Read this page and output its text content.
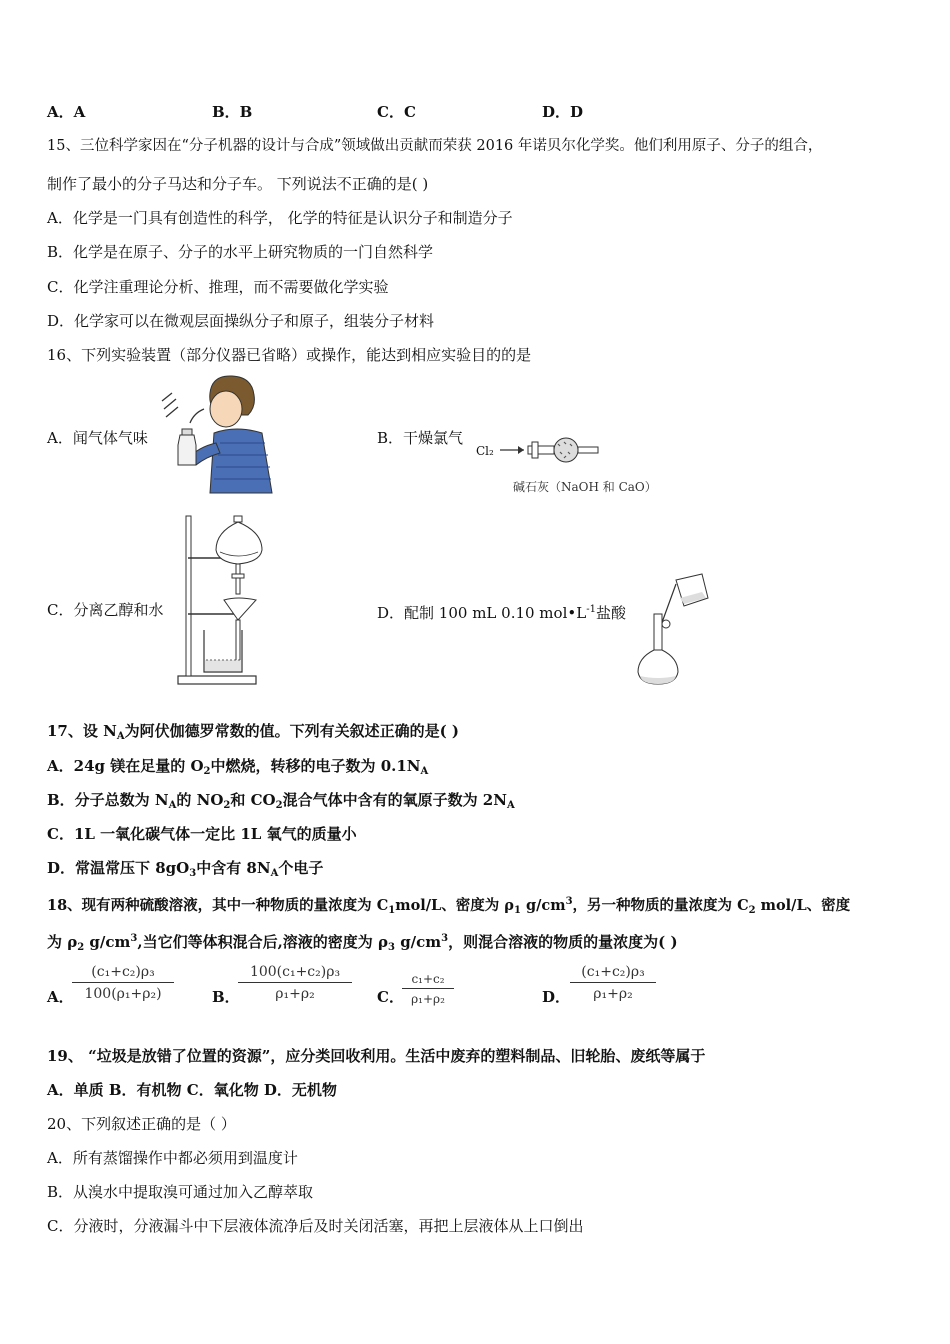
A．A	B．B	C．C	D．D
15、三位科学家因在“分子机器的设计与合成”领域做出贡献而荣获 2016 年诺贝尔化学奖。他们利用原子、分子的组合，
制作了最小的分子马达和分子车。 下列说法不正确的是( )
A．化学是一门具有创造性的科学， 化学的特征是认识分子和制造分子
B．化学是在原子、分子的水平上研究物质的一门自然科学
C．化学注重理论分析、推理，而不需要做化学实验
D．化学家可以在微观层面操纵分子和原子，组装分子材料
16、下列实验装置（部分仪器已省略）或操作，能达到相应实验目的的是
A．闻气体气味	B．干燥氯气
Cl₂
碱石灰（NaOH 和 CaO）
C．分离乙醇和水	D．配制 100 mL 0.10 $mol•L^{-1}$盐酸
17、设 $N_A$为阿伏伽德罗常数的值。下列有关叙述正确的是( )
A．24g 镁在足量的 $O_2$中燃烧，转移的电子数为 $0.1N_A$
B．分子总数为 $N_A$的 $NO_2$和 $CO_2$混合气体中含有的氧原子数为 $2N_A$
C．1L 一氧化碳气体一定比 1L 氧气的质量小
D．常温常压下 $8gO_3$中含有 $8N_A$个电子
18、现有两种硫酸溶液，其中一种物质的量浓度为 $C_1mol/L$、密度为 $\rho_1$ $g/cm^3$，另一种物质的量浓度为 $C_2$ mol/L、密度
为 $\rho_2$ $g/cm^3$,当它们等体积混合后,溶液的密度为 $\rho_3$ $g/cm^3$，则混合溶液的物质的量浓度为( )
A．
(c₁+c₂)ρ₃
100(ρ₁+ρ₂)	B．
100(c₁+c₂)ρ₃
ρ₁+ρ₂	C．
c₁+c₂
ρ₁+ρ₂	D．
(c₁+c₂)ρ₃
ρ₁+ρ₂
19、 “垃圾是放错了位置的资源”，应分类回收利用。生活中废弃的塑料制品、旧轮胎、废纸等属于
A．单质 B．有机物 C．氧化物 D．无机物
20、下列叙述正确的是（ ）
A．所有蒸馏操作中都必须用到温度计
B．从溴水中提取溴可通过加入乙醇萃取
C．分液时，分液漏斗中下层液体流净后及时关闭活塞，再把上层液体从上口倒出
